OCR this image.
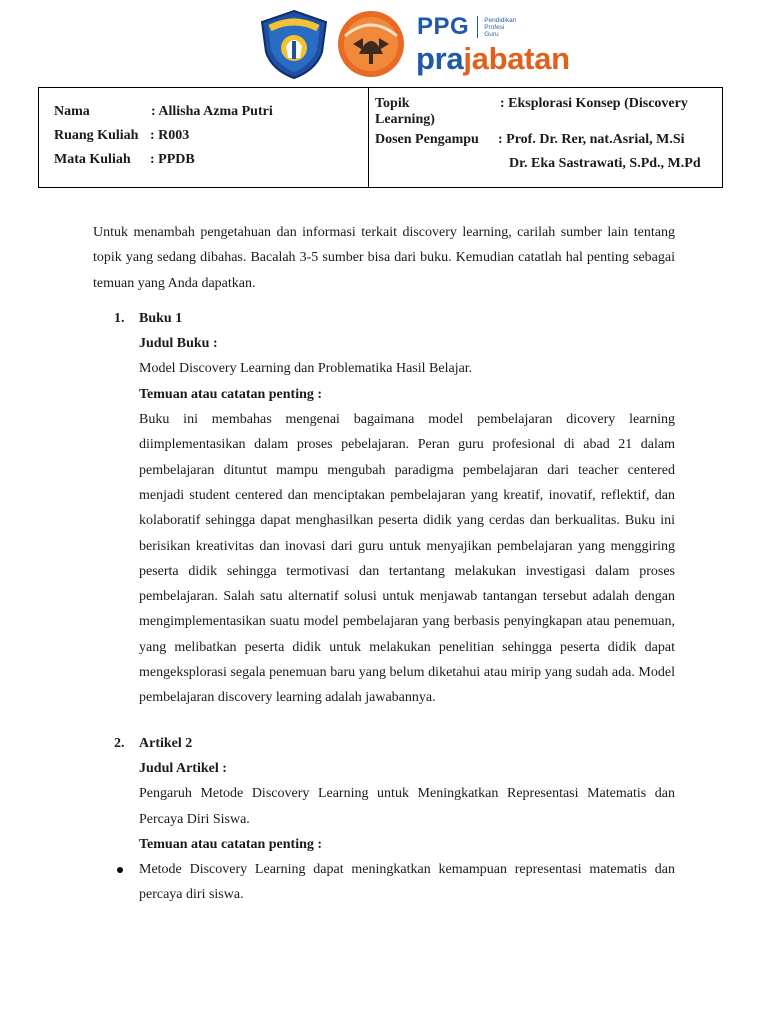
PPG Pendidikan
Profesi
Guru
prajabatan
Nama	: Allisha Azma Putri
Ruang Kuliah : R003
Mata Kuliah : PPDB
Topik	: Eksplorasi Konsep (Discovery
Learning)
Dosen Pengampu : Prof. Dr. Rer, nat.Asrial, M.Si
Dr. Eka Sastrawati, S.Pd., M.Pd

Untuk menambah pengetahuan dan informasi terkait discovery learning, carilah sumber lain tentang topik yang sedang dibahas. Bacalah 3-5 sumber bisa dari buku. Kemudian catatlah hal penting sebagai temuan yang Anda dapatkan.

1. Buku 1
Judul Buku :
Model Discovery Learning dan Problematika Hasil Belajar.
Temuan atau catatan penting :

Buku ini membahas mengenai bagaimana model pembelajaran dicovery learning diimplementasikan dalam proses pebelajaran. Peran guru profesional di abad 21 dalam pembelajaran dituntut mampu mengubah paradigma pembelajaran dari teacher centered menjadi student centered dan menciptakan pembelajaran yang kreatif, inovatif, reflektif, dan kolaboratif sehingga dapat menghasilkan peserta didik yang cerdas dan berkualitas. Buku ini berisikan kreativitas dan inovasi dari guru untuk menyajikan pembelajaran yang menggiring peserta didik sehingga termotivasi dan tertantang melakukan investigasi dalam proses pembelajaran. Salah satu alternatif solusi untuk menjawab tantangan tersebut adalah dengan mengimplementasikan suatu model pembelajaran yang berbasis penyingkapan atau penemuan, yang melibatkan peserta didik untuk melakukan penelitian sehingga peserta didik dapat mengeksplorasi segala penemuan baru yang belum diketahui atau mirip yang sudah ada. Model pembelajaran discovery learning adalah jawabannya.

2. Artikel 2
Judul Artikel :

Pengaruh Metode Discovery Learning untuk Meningkatkan Representasi Matematis dan Percaya Diri Siswa.

Temuan atau catatan penting :

Metode Discovery Learning dapat meningkatkan kemampuan representasi matematis dan percaya diri siswa.
